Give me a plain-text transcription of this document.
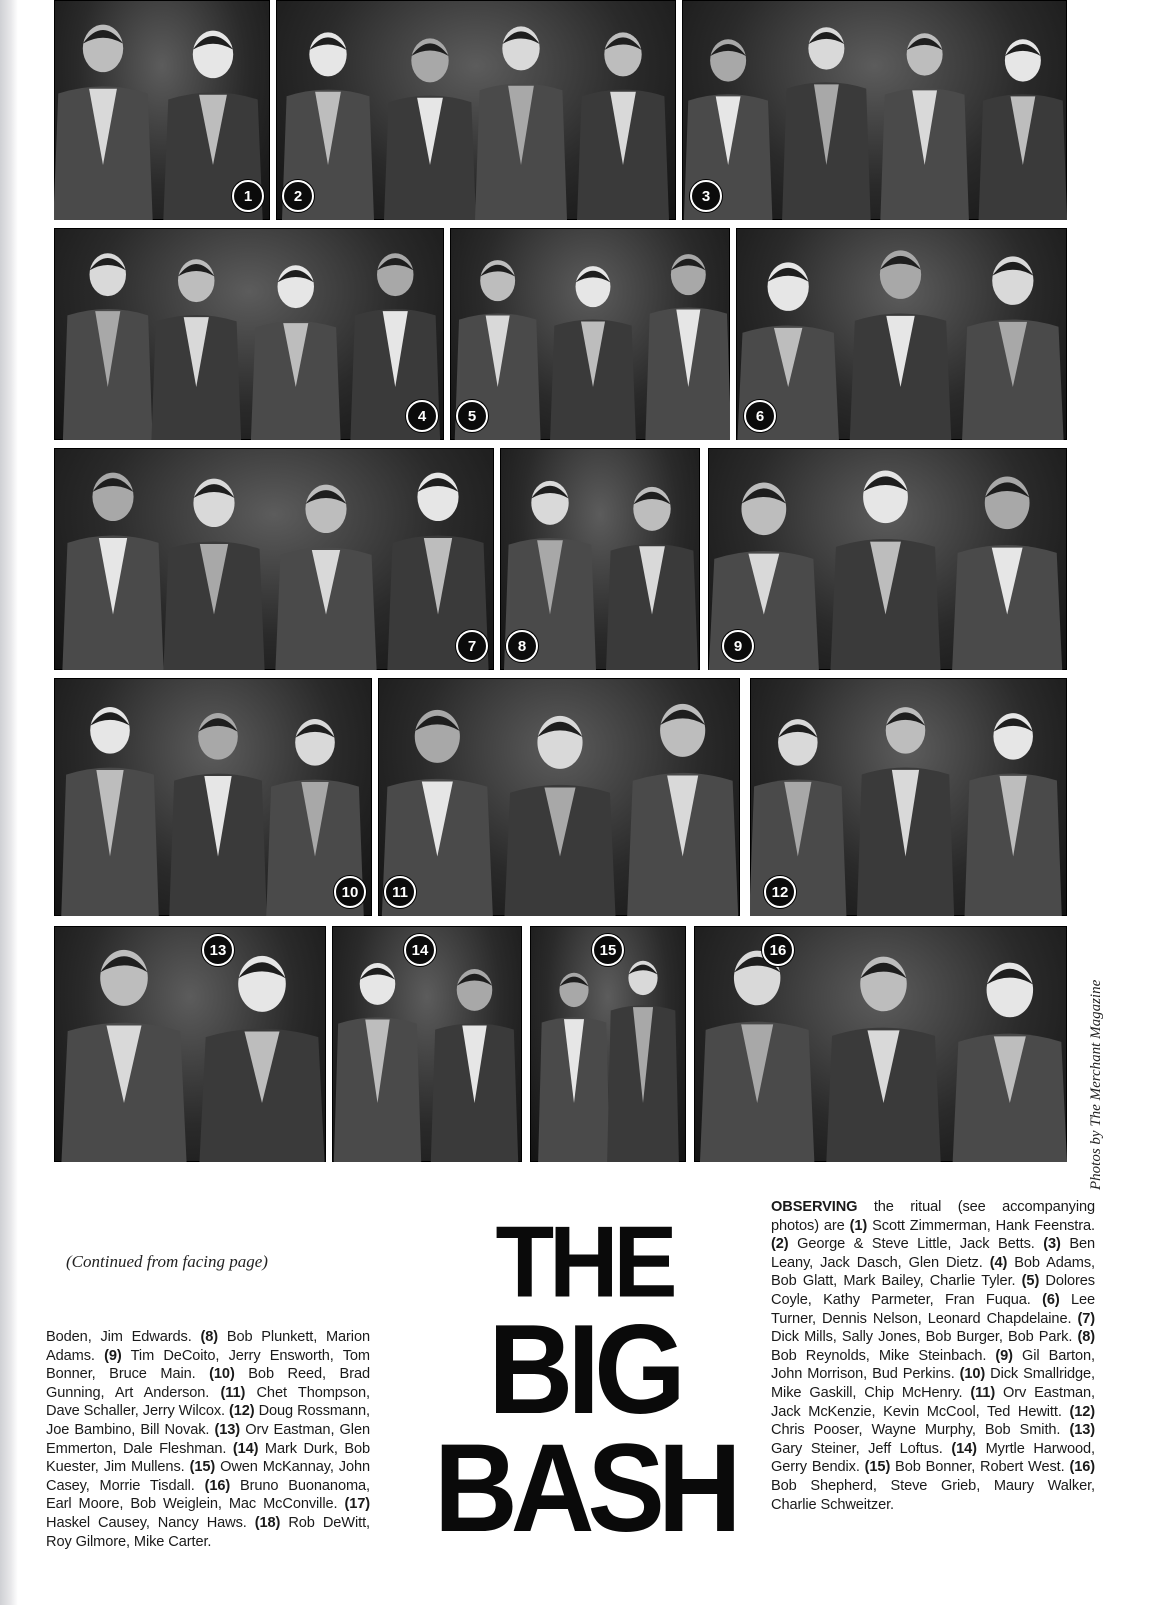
1	2	3
4	5	6
7	8	9
10	11	12
13	14	15	16
Photos by The Merchant Magazine
(Continued from facing page)	THE
BIG
BASH
Boden, Jim Edwards. (8) Bob Plunkett, Marion Adams. (9) Tim DeCoito, Jerry Ensworth, Tom Bonner, Bruce Main. (10) Bob Reed, Brad Gunning, Art Anderson. (11) Chet Thompson, Dave Schaller, Jerry Wilcox. (12) Doug Rossmann, Joe Bambino, Bill Novak. (13) Orv Eastman, Glen Emmerton, Dale Fleshman. (14) Mark Durk, Bob Kuester, Jim Mullens. (15) Owen McKannay, John Casey, Morrie Tisdall. (16) Bruno Buonanoma, Earl Moore, Bob Weiglein, Mac McConville. (17) Haskel Causey, Nancy Haws. (18) Rob DeWitt, Roy Gilmore, Mike Carter.
OBSERVING the ritual (see accompanying photos) are (1) Scott Zimmerman, Hank Feenstra. (2) George & Steve Little, Jack Betts. (3) Ben Leany, Jack Dasch, Glen Dietz. (4) Bob Adams, Bob Glatt, Mark Bailey, Charlie Tyler. (5) Dolores Coyle, Kathy Parmeter, Fran Fuqua. (6) Lee Turner, Dennis Nelson, Leonard Chapdelaine. (7) Dick Mills, Sally Jones, Bob Burger, Bob Park. (8) Bob Reynolds, Mike Steinbach. (9) Gil Barton, John Morrison, Bud Perkins. (10) Dick Smallridge, Mike Gaskill, Chip McHenry. (11) Orv Eastman, Jack McKenzie, Kevin McCool, Ted Hewitt. (12) Chris Pooser, Wayne Murphy, Bob Smith. (13) Gary Steiner, Jeff Loftus. (14) Myrtle Harwood, Gerry Bendix. (15) Bob Bonner, Robert West. (16) Bob Shepherd, Steve Grieb, Maury Walker, Charlie Schweitzer.
